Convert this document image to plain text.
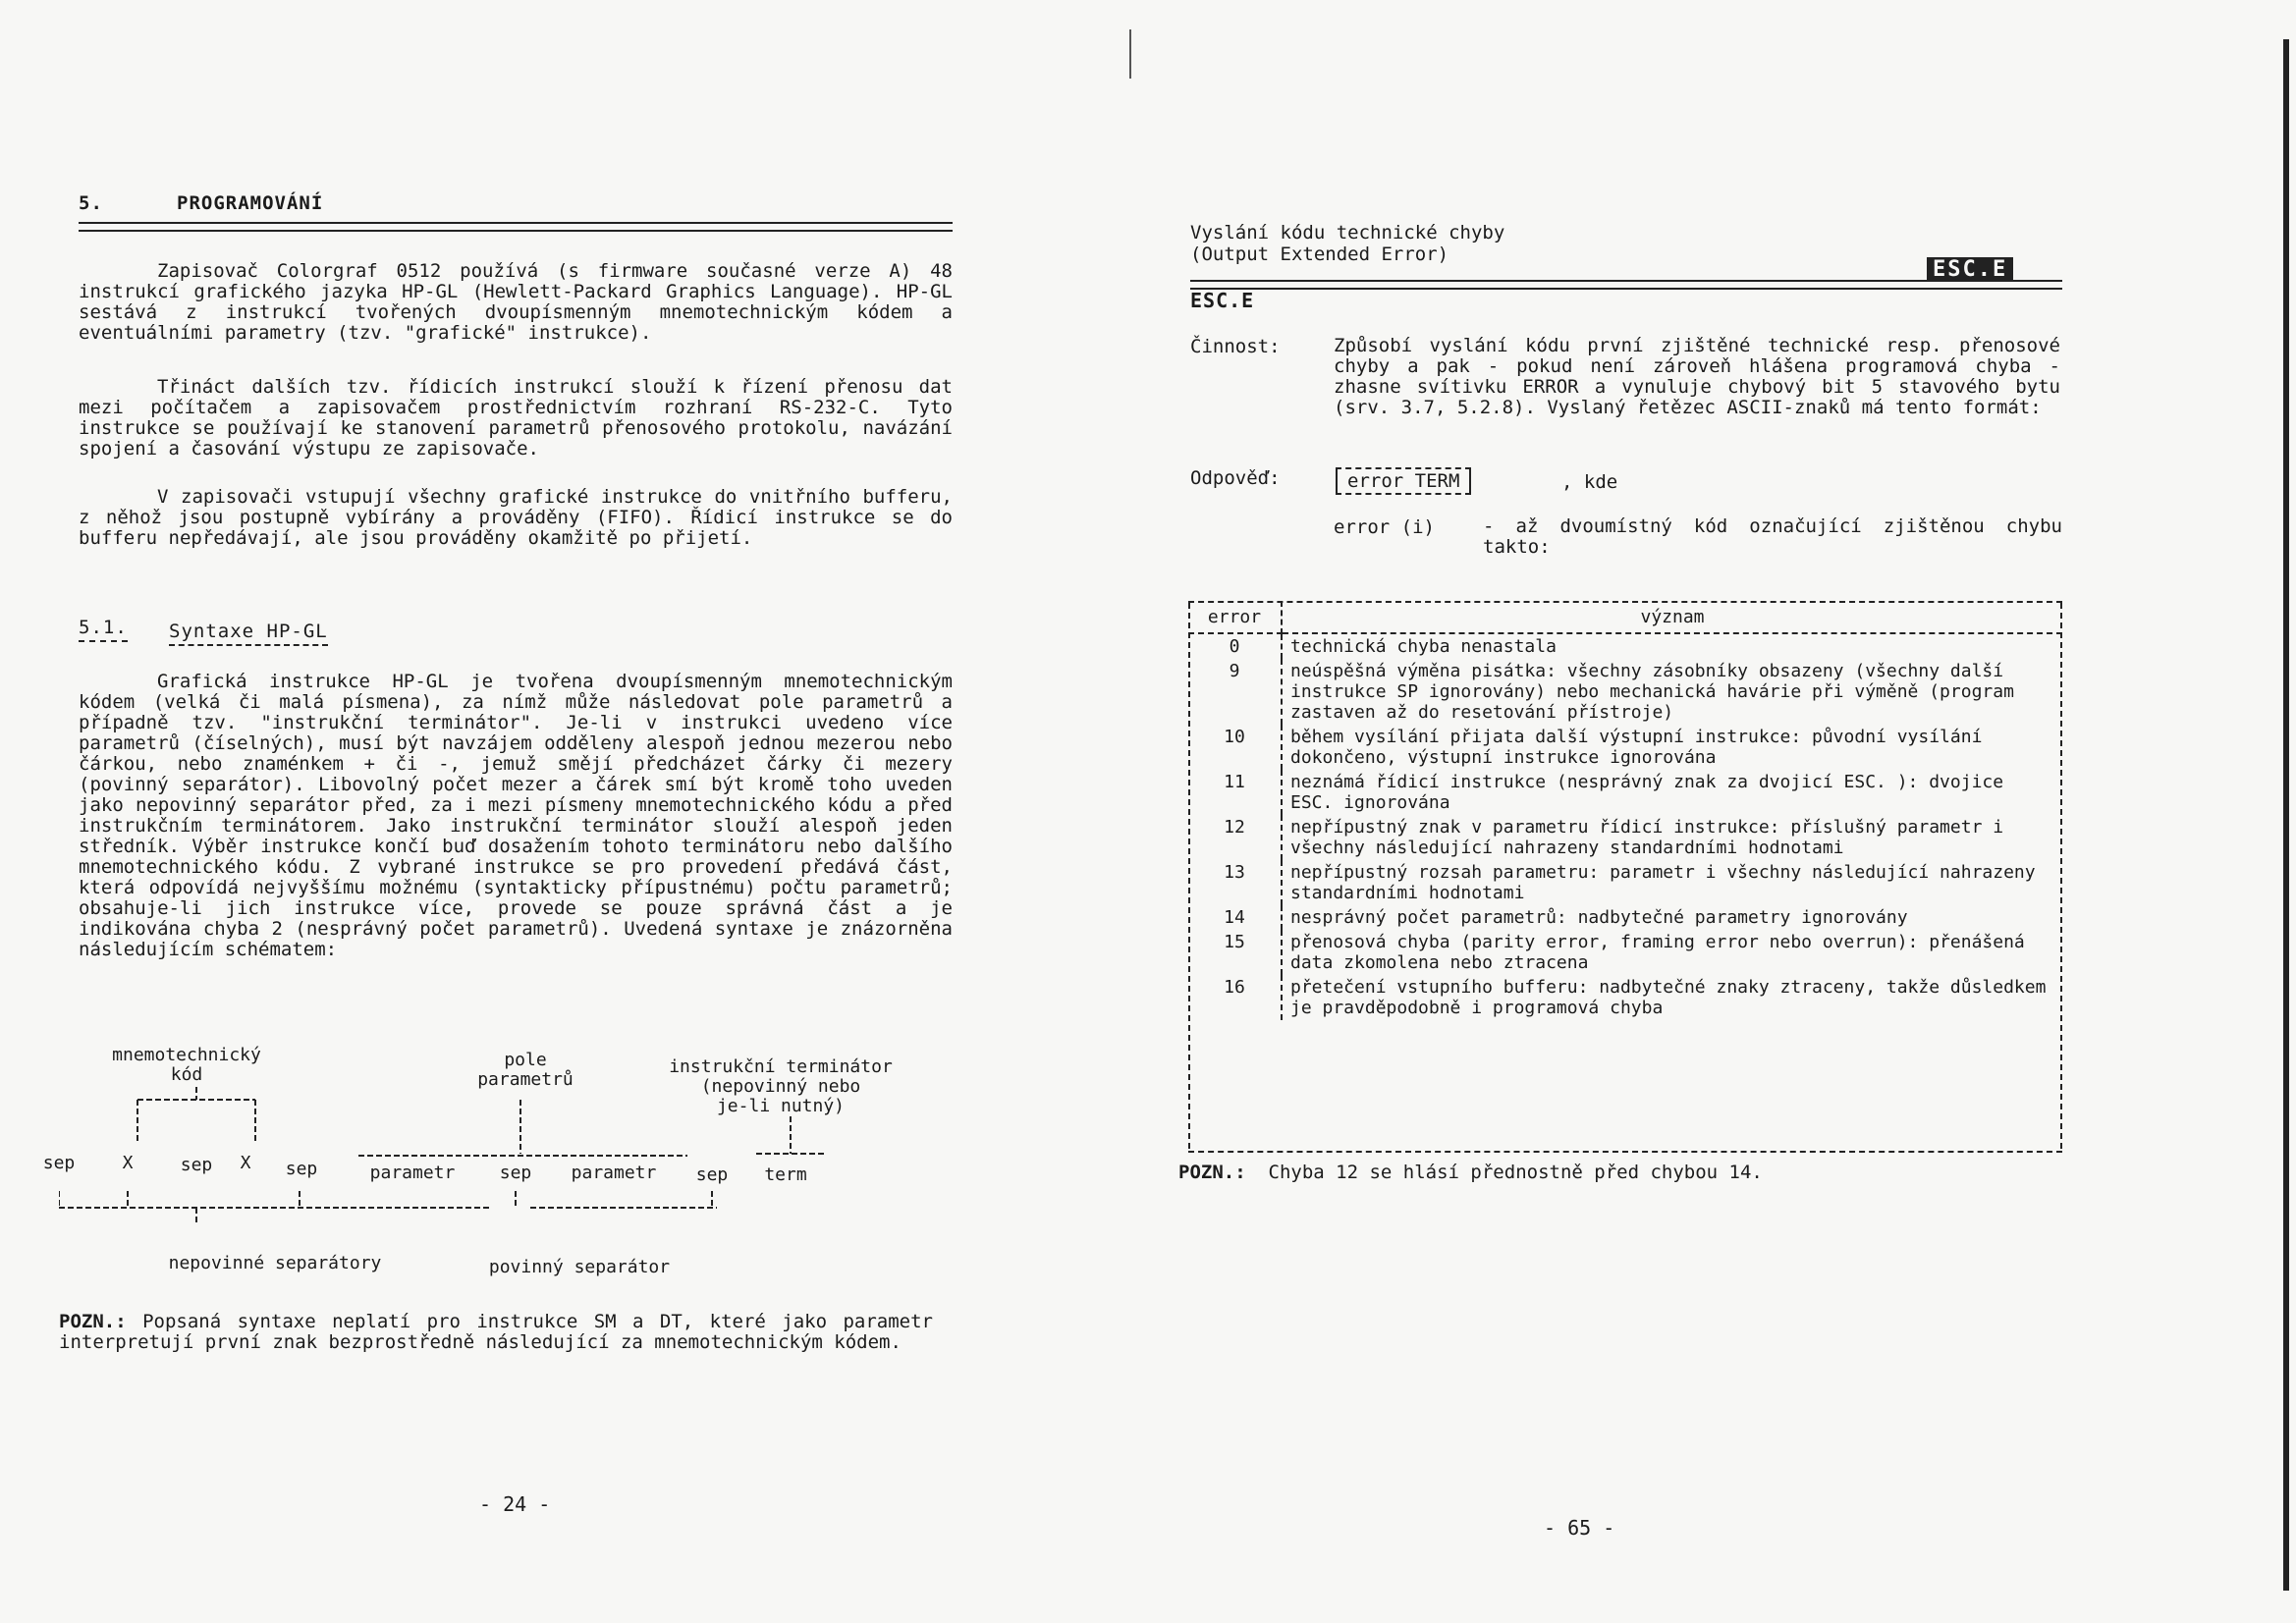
5.	PROGRAMOVÁNÍ
Zapisovač Colorgraf 0512 používá (s firmware současné verze A) 48 instrukcí grafického jazyka HP-GL (Hewlett-Packard Graphics Language). HP-GL sestává z instrukcí tvořených dvoupísmenným mnemotechnickým kódem a eventuálními parametry (tzv. "grafické" instrukce).
Třináct dalších tzv. řídicích instrukcí slouží k řízení přenosu dat mezi počítačem a zapisovačem prostřednictvím rozhraní RS-232-C. Tyto instrukce se používají ke stanovení parametrů přenosového protokolu, navázání spojení a časování výstupu ze zapisovače.
V zapisovači vstupují všechny grafické instrukce do vnitřního bufferu, z něhož jsou postupně vybírány a prováděny (FIFO). Řídicí instrukce se do bufferu nepředávají, ale jsou prováděny okamžitě po přijetí.
5.1. Syntaxe HP-GL
Grafická instrukce HP-GL je tvořena dvoupísmenným mnemotechnickým kódem (velká či malá písmena), za nímž může následovat pole parametrů a případně tzv. "instrukční terminátor". Je-li v instrukci uvedeno více parametrů (číselných), musí být navzájem odděleny alespoň jednou mezerou nebo čárkou, nebo znaménkem + či -, jemuž smějí předcházet čárky či mezery (povinný separátor). Libovolný počet mezer a čárek smí být kromě toho uveden jako nepovinný separátor před, za i mezi písmeny mnemotechnického kódu a před instrukčním terminátorem. Jako instrukční terminátor slouží alespoň jeden středník. Výběr instrukce končí buď dosažením tohoto terminátoru nebo dalšího mnemotechnického kódu. Z vybrané instrukce se pro provedení předává část, která odpovídá nejvyššímu možnému (syntakticky přípustnému) počtu parametrů; obsahuje-li jich instrukce více, provede se pouze správná část a je indikována chyba 2 (nesprávný počet parametrů). Uvedená syntaxe je znázorněna následujícím schématem:
mnemotechnický
kód
pole
parametrů
instrukční terminátor
(nepovinný nebo
je-li nutný)
sep	X	sep	X	sep	parametr	sep	parametr	sep	term
nepovinné separátory	povinný separátor
POZN.: Popsaná syntaxe neplatí pro instrukce SM a DT, které jako parametr interpretují první znak bezprostředně následující za mnemotechnickým kódem.
- 24 -
Vyslání kódu technické chyby
(Output Extended Error)
ESC.E
ESC.E
Činnost:	Způsobí vyslání kódu první zjištěné technické resp. přenosové chyby a pak - pokud není zároveň hlášena programová chyba - zhasne svítivku ERROR a vynuluje chybový bit 5 stavového bytu (srv. 3.7, 5.2.8). Vyslaný řetězec ASCII-znaků má tento formát:
Odpověď:	error TERM	, kde
error (i)	- až dvoumístný kód označující zjištěnou chybu takto:
error	význam
0	technická chyba nenastala
9	neúspěšná výměna pisátka: všechny zásobníky obsazeny (všechny další instrukce SP ignorovány) nebo mechanická havárie při výměně (program zastaven až do resetování přístroje)
10	během vysílání přijata další výstupní instrukce: původní vysílání dokončeno, výstupní instrukce ignorována
11	neznámá řídicí instrukce (nesprávný znak za dvojicí ESC. ): dvojice ESC. ignorována
12	nepřípustný znak v parametru řídicí instrukce: příslušný parametr i všechny následující nahrazeny standardními hodnotami
13	nepřípustný rozsah parametru: parametr i všechny následující nahrazeny standardními hodnotami
14	nesprávný počet parametrů: nadbytečné parametry ignorovány
15	přenosová chyba (parity error, framing error nebo overrun): přenášená data zkomolena nebo ztracena
16	přetečení vstupního bufferu: nadbytečné znaky ztraceny, takže důsledkem je pravděpodobně i programová chyba
POZN.: Chyba 12 se hlásí přednostně před chybou 14.
- 65 -
